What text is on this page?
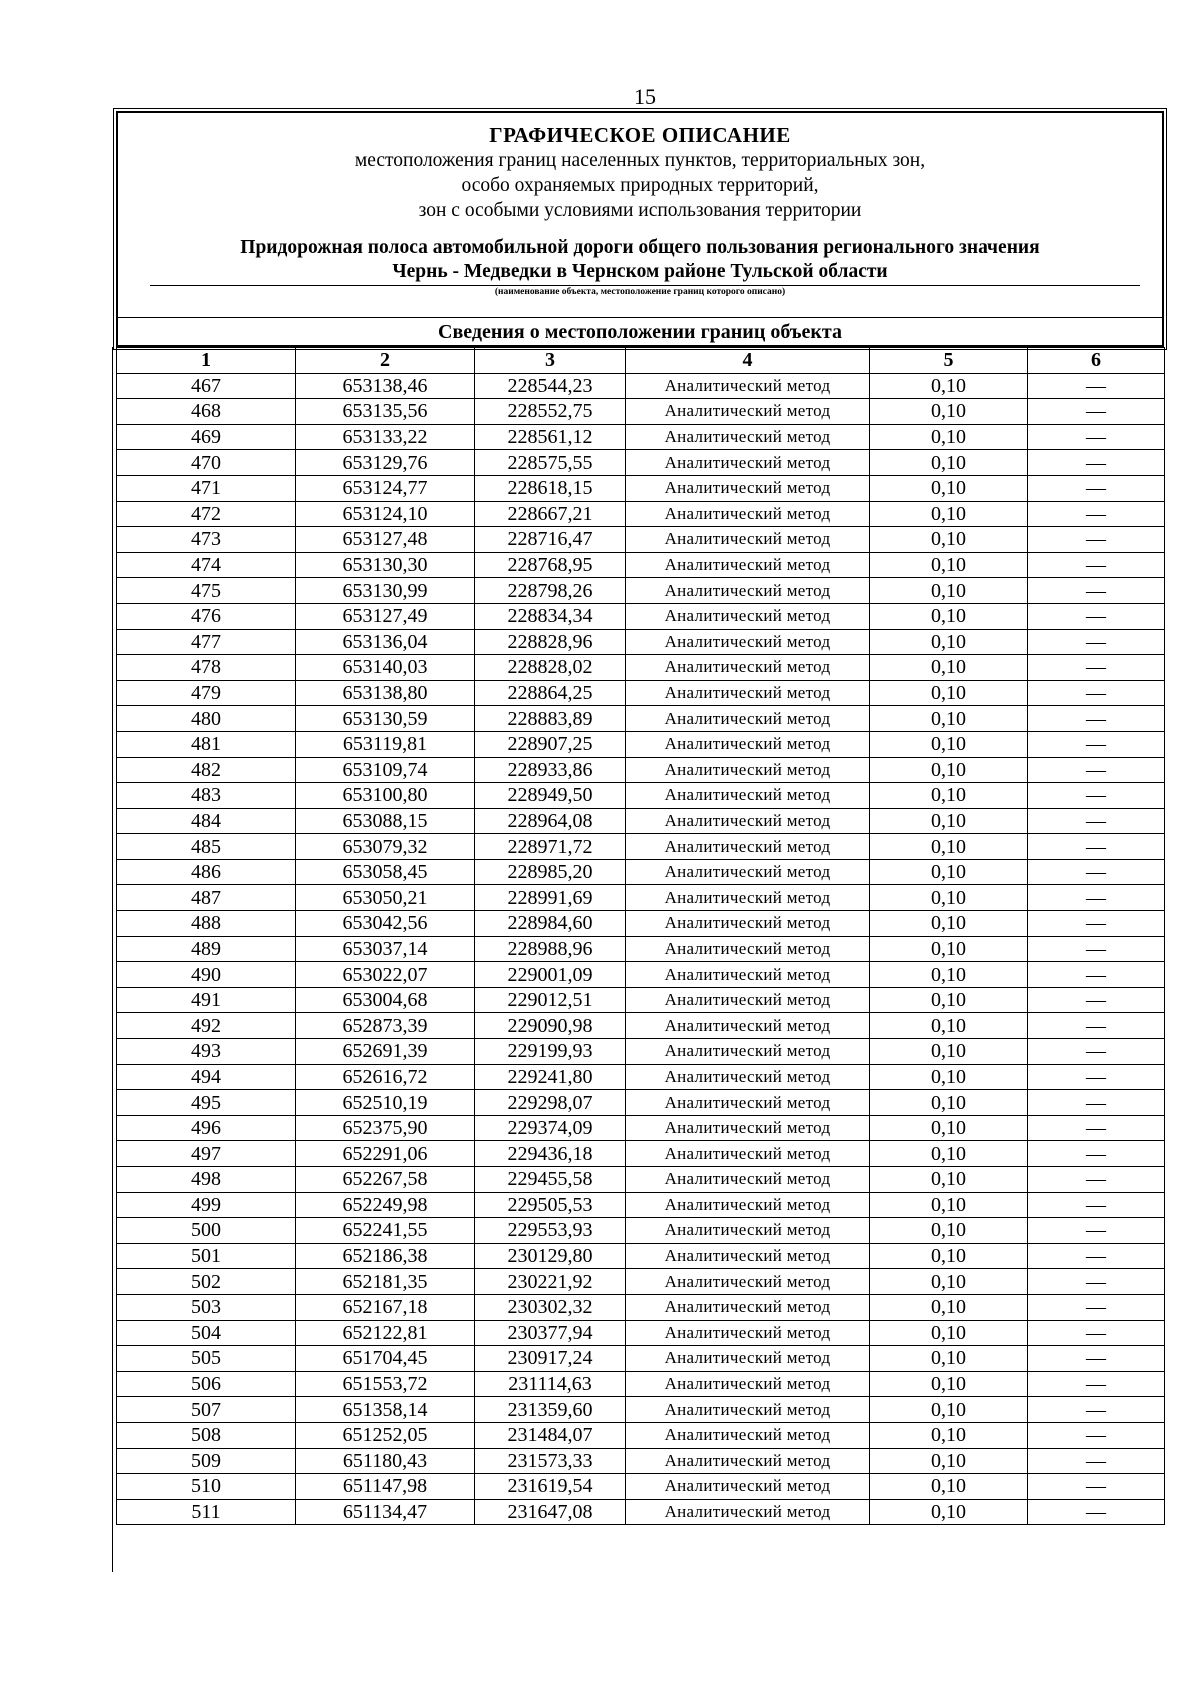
15
ГРАФИЧЕСКОЕ ОПИСАНИЕ
местоположения границ населенных пунктов, территориальных зон,
особо охраняемых природных территорий,
зон с особыми условиями использования территории
Придорожная полоса автомобильной дороги общего пользования регионального значения
Чернь - Медведки в Чернском районе Тульской области
(наименование объекта, местоположение границ которого описано)
Сведения о местоположении границ объекта
1	2	3	4	5	6
467	653138,46	228544,23	Аналитический метод	0,10	—
468	653135,56	228552,75	Аналитический метод	0,10	—
469	653133,22	228561,12	Аналитический метод	0,10	—
470	653129,76	228575,55	Аналитический метод	0,10	—
471	653124,77	228618,15	Аналитический метод	0,10	—
472	653124,10	228667,21	Аналитический метод	0,10	—
473	653127,48	228716,47	Аналитический метод	0,10	—
474	653130,30	228768,95	Аналитический метод	0,10	—
475	653130,99	228798,26	Аналитический метод	0,10	—
476	653127,49	228834,34	Аналитический метод	0,10	—
477	653136,04	228828,96	Аналитический метод	0,10	—
478	653140,03	228828,02	Аналитический метод	0,10	—
479	653138,80	228864,25	Аналитический метод	0,10	—
480	653130,59	228883,89	Аналитический метод	0,10	—
481	653119,81	228907,25	Аналитический метод	0,10	—
482	653109,74	228933,86	Аналитический метод	0,10	—
483	653100,80	228949,50	Аналитический метод	0,10	—
484	653088,15	228964,08	Аналитический метод	0,10	—
485	653079,32	228971,72	Аналитический метод	0,10	—
486	653058,45	228985,20	Аналитический метод	0,10	—
487	653050,21	228991,69	Аналитический метод	0,10	—
488	653042,56	228984,60	Аналитический метод	0,10	—
489	653037,14	228988,96	Аналитический метод	0,10	—
490	653022,07	229001,09	Аналитический метод	0,10	—
491	653004,68	229012,51	Аналитический метод	0,10	—
492	652873,39	229090,98	Аналитический метод	0,10	—
493	652691,39	229199,93	Аналитический метод	0,10	—
494	652616,72	229241,80	Аналитический метод	0,10	—
495	652510,19	229298,07	Аналитический метод	0,10	—
496	652375,90	229374,09	Аналитический метод	0,10	—
497	652291,06	229436,18	Аналитический метод	0,10	—
498	652267,58	229455,58	Аналитический метод	0,10	—
499	652249,98	229505,53	Аналитический метод	0,10	—
500	652241,55	229553,93	Аналитический метод	0,10	—
501	652186,38	230129,80	Аналитический метод	0,10	—
502	652181,35	230221,92	Аналитический метод	0,10	—
503	652167,18	230302,32	Аналитический метод	0,10	—
504	652122,81	230377,94	Аналитический метод	0,10	—
505	651704,45	230917,24	Аналитический метод	0,10	—
506	651553,72	231114,63	Аналитический метод	0,10	—
507	651358,14	231359,60	Аналитический метод	0,10	—
508	651252,05	231484,07	Аналитический метод	0,10	—
509	651180,43	231573,33	Аналитический метод	0,10	—
510	651147,98	231619,54	Аналитический метод	0,10	—
511	651134,47	231647,08	Аналитический метод	0,10	—
